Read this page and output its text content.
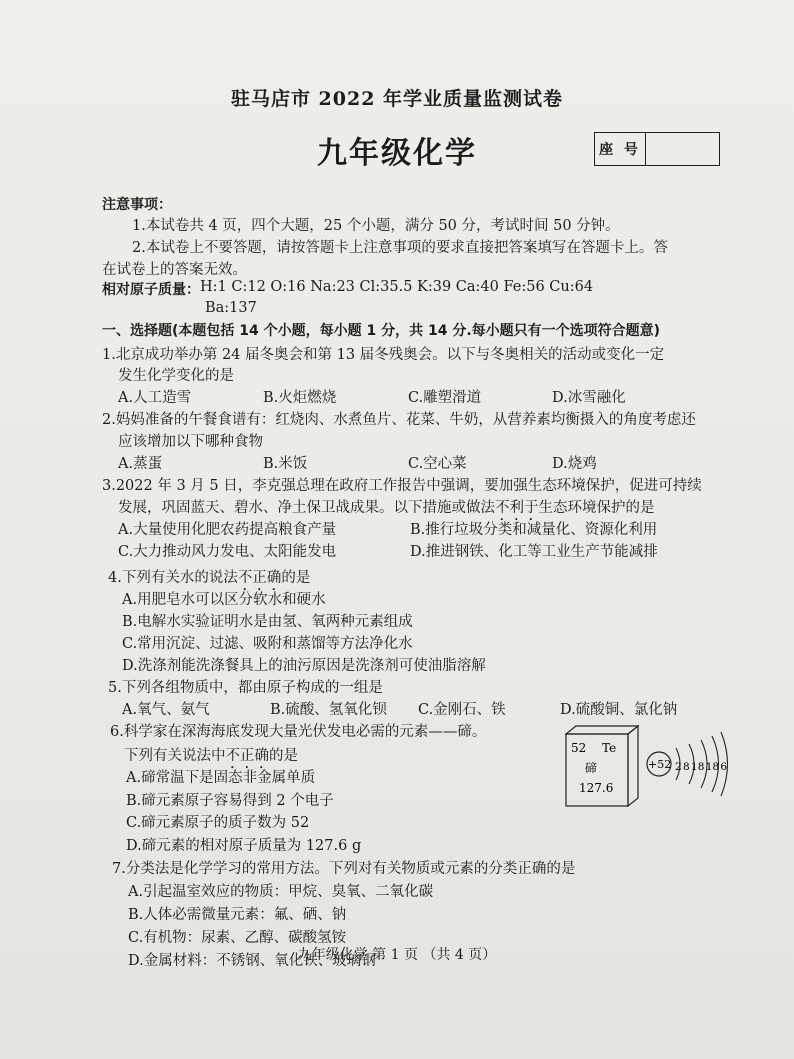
驻马店市 2022 年学业质量监测试卷
九年级化学	座 号
注意事项：
1.本试卷共 4 页，四个大题，25 个小题，满分 50 分，考试时间 50 分钟。
2.本试卷上不要答题，请按答题卡上注意事项的要求直接把答案填写在答题卡上。答
在试卷上的答案无效。
相对原子质量： H:1 C:12 O:16 Na:23 Cl:35.5 K:39 Ca:40 Fe:56 Cu:64
Ba:137
一、选择题(本题包括 14 个小题，每小题 1 分，共 14 分.每小题只有一个选项符合题意)
1.北京成功举办第 24 届冬奥会和第 13 届冬残奥会。以下与冬奥相关的活动或变化一定
发生化学变化的是
A.人工造雪	B.火炬燃烧	C.雕塑滑道	D.冰雪融化
2.妈妈准备的午餐食谱有：红烧肉、水煮鱼片、花菜、牛奶，从营养素均衡摄入的角度考虑还
应该增加以下哪种食物
A.蒸蛋	B.米饭	C.空心菜	D.烧鸡
3.2022 年 3 月 5 日，李克强总理在政府工作报告中强调，要加强生态环境保护，促进可持续
发展，巩固蓝天、碧水、净土保卫战成果。以下措施或做法不利于生态环境保护的是
A.大量使用化肥农药提高粮食产量	B.推行垃圾分类和减量化、资源化利用
C.大力推动风力发电、太阳能发电	D.推进钢铁、化工等工业生产节能减排
4.下列有关水的说法不正确的是
A.用肥皂水可以区分软水和硬水
B.电解水实验证明水是由氢、氧两种元素组成
C.常用沉淀、过滤、吸附和蒸馏等方法净化水
D.洗涤剂能洗涤餐具上的油污原因是洗涤剂可使油脂溶解
5.下列各组物质中，都由原子构成的一组是
A.氧气、氨气	B.硫酸、氢氧化钡 C.金刚石、铁	D.硫酸铜、氯化钠
6.科学家在深海海底发现大量光伏发电必需的元素——碲。
下列有关说法中不正确的是
A.碲常温下是固态非金属单质
B.碲元素原子容易得到 2 个电子
C.碲元素原子的质子数为 52
D.碲元素的相对原子质量为 127.6 g
52 Te
碲
127.6
+52 2 8 18 18 6
7.分类法是化学学习的常用方法。下列对有关物质或元素的分类正确的是
A.引起温室效应的物质：甲烷、臭氧、二氧化碳
B.人体必需微量元素：氟、硒、钠
C.有机物：尿素、乙醇、碳酸氢铵
D.金属材料：不锈钢、氧化铁、玻璃钢
九年级化学 第 1 页 （共 4 页）
